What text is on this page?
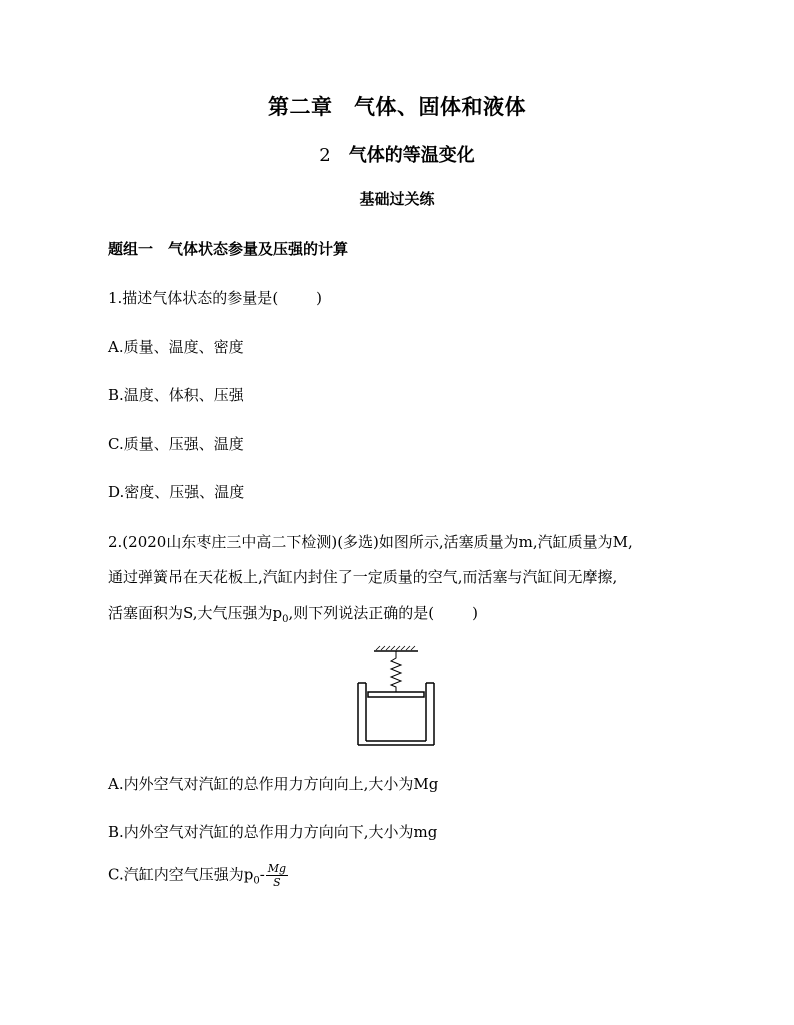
第二章　气体、固体和液体
2 气体的等温变化
基础过关练
题组一　气体状态参量及压强的计算
1.描述气体状态的参量是(	)
A.质量、温度、密度
B.温度、体积、压强
C.质量、压强、温度
D.密度、压强、温度
2.(2020山东枣庄三中高二下检测)(多选)如图所示,活塞质量为m,汽缸质量为M,
通过弹簧吊在天花板上,汽缸内封住了一定质量的空气,而活塞与汽缸间无摩擦,
活塞面积为S,大气压强为$p_0$,则下列说法正确的是(	)
A.内外空气对汽缸的总作用力方向向上,大小为Mg
B.内外空气对汽缸的总作用力方向向下,大小为mg
C.汽缸内空气压强为$p_0- \frac{Mg}{S}$
